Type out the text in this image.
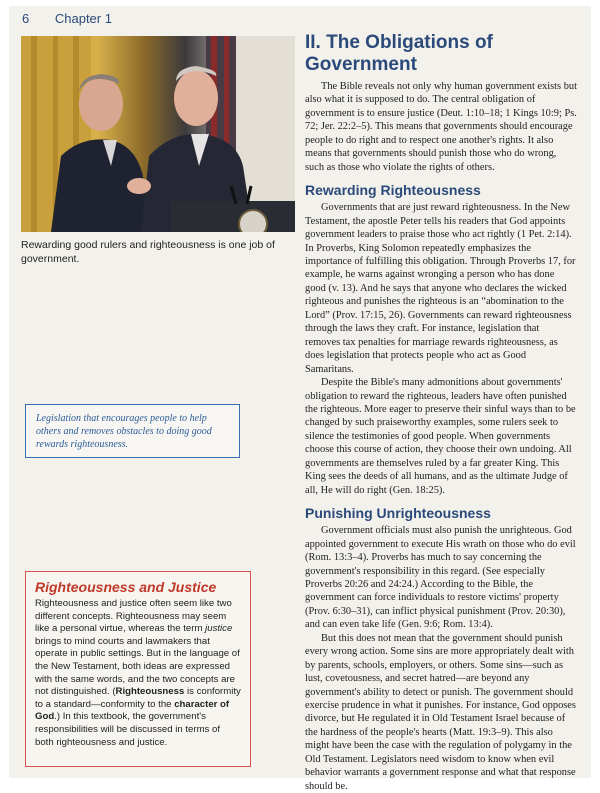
6 Chapter 1
Rewarding good rulers and righteousness is one job of government.
Legislation that encourages people to help others and removes obstacles to doing good rewards righteousness.
Righteousness and Justice

Righteousness and justice often seem like two different concepts. Righteousness may seem like a personal virtue, whereas the term justice brings to mind courts and lawmakers that operate in public settings. But in the language of the New Testament, both ideas are expressed with the same words, and the two concepts are not distinguished. (Righteousness is conformity to a standard—conformity to the character of God.) In this textbook, the government's responsibilities will be discussed in terms of both righteousness and justice.

II. The Obligations of Government

The Bible reveals not only why human government exists but also what it is supposed to do. The central obligation of government is to ensure justice (Deut. 1:10–18; 1 Kings 10:9; Ps. 72; Jer. 22:2–5). This means that governments should encourage people to do right and to respect one another's rights. It also means that governments should punish those who do wrong, such as those who violate the rights of others.

Rewarding Righteousness

Governments that are just reward righteousness. In the New Testament, the apostle Peter tells his readers that God appoints government leaders to praise those who act rightly (1 Pet. 2:14). In Proverbs, King Solomon repeatedly emphasizes the importance of fulfilling this obligation. Through Proverbs 17, for example, he warns against wronging a person who has done good (v. 13). And he says that anyone who declares the wicked righteous and punishes the righteous is an “abomination to the Lord” (Prov. 17:15, 26). Governments can reward righteousness through the laws they craft. For instance, legislation that removes tax penalties for marriage rewards righteousness, as does legislation that protects people who act as Good Samaritans.

Despite the Bible's many admonitions about governments' obligation to reward the righteous, leaders have often punished the righteous. More eager to preserve their sinful ways than to be changed by such praiseworthy examples, some rulers seek to silence the testimonies of good people. When governments choose this course of action, they choose their own undoing. All governments are themselves ruled by a far greater King. This King sees the deeds of all humans, and as the ultimate Judge of all, He will do right (Gen. 18:25).

Punishing Unrighteousness

Government officials must also punish the unrighteous. God appointed government to execute His wrath on those who do evil (Rom. 13:3–4). Proverbs has much to say concerning the government's responsibility in this regard. (See especially Proverbs 20:26 and 24:24.) According to the Bible, the government can force individuals to restore victims' property (Prov. 6:30–31), can inflict physical punishment (Prov. 20:30), and can even take life (Gen. 9:6; Rom. 13:4).

But this does not mean that the government should punish every wrong action. Some sins are more appropriately dealt with by parents, schools, employers, or others. Some sins—such as lust, covetousness, and secret hatred—are beyond any government's ability to detect or punish. The government should exercise prudence in what it punishes. For instance, God opposes divorce, but He regulated it in Old Testament Israel because of the hardness of the people's hearts (Matt. 19:3–9). This also might have been the case with the regulation of polygamy in the Old Testament. Legislators need wisdom to know when evil behavior warrants a government response and what that response should be.
